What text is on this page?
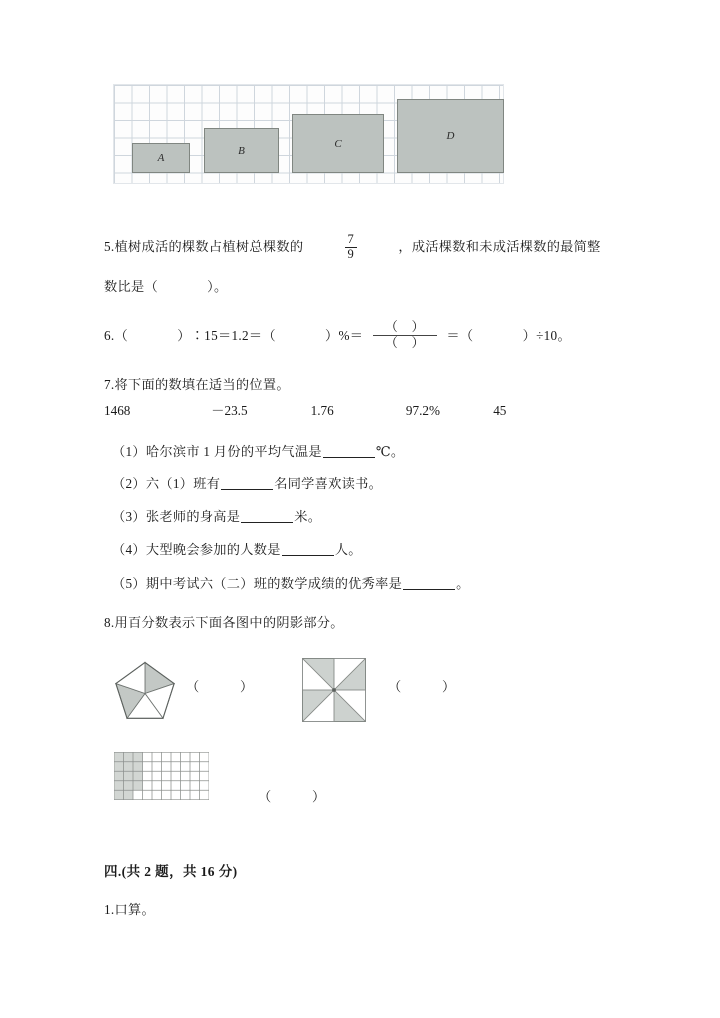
A
B
C
D
5.植树成活的棵数占植树总棵数的	$\frac{7}{9}$	，成活棵数和未成活棵数的最简整
数比是（	）。
6.（	）∶15＝1.2＝（	）%＝ $\frac{( )}{( )}$ ＝（	）÷10。
7.将下面的数填在适当的位置。
1468	－23.5	1.76	97.2%	45
（1）哈尔滨市 1 月份的平均气温是	℃。
（2）六（1）班有	名同学喜欢读书。
（3）张老师的身高是	米。
（4）大型晚会参加的人数是	人。
（5）期中考试六（二）班的数学成绩的优秀率是	。
8.用百分数表示下面各图中的阴影部分。
（　　　）	（　　　）
（　　　）
四.(共 2 题，共 16 分)
1.口算。
